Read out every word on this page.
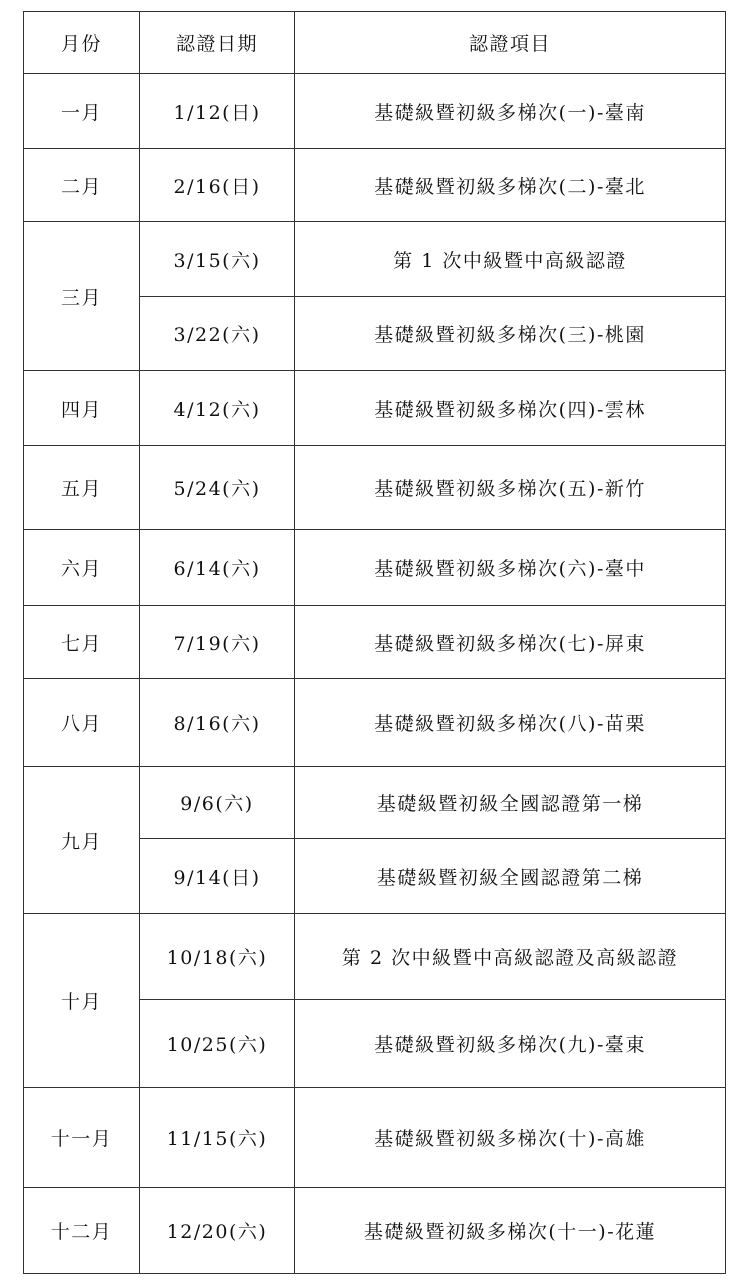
月份	認證日期	認證項目
一月	1/12(日)	基礎級暨初級多梯次(一)-臺南
二月	2/16(日)	基礎級暨初級多梯次(二)-臺北
三月	3/15(六)	第 1 次中級暨中高級認證
	3/22(六)	基礎級暨初級多梯次(三)-桃園
四月	4/12(六)	基礎級暨初級多梯次(四)-雲林
五月	5/24(六)	基礎級暨初級多梯次(五)-新竹
六月	6/14(六)	基礎級暨初級多梯次(六)-臺中
七月	7/19(六)	基礎級暨初級多梯次(七)-屏東
八月	8/16(六)	基礎級暨初級多梯次(八)-苗栗
九月	9/6(六)	基礎級暨初級全國認證第一梯
	9/14(日)	基礎級暨初級全國認證第二梯
十月	10/18(六)	第 2 次中級暨中高級認證及高級認證
	10/25(六)	基礎級暨初級多梯次(九)-臺東
十一月	11/15(六)	基礎級暨初級多梯次(十)-高雄
十二月	12/20(六)	基礎級暨初級多梯次(十一)-花蓮
